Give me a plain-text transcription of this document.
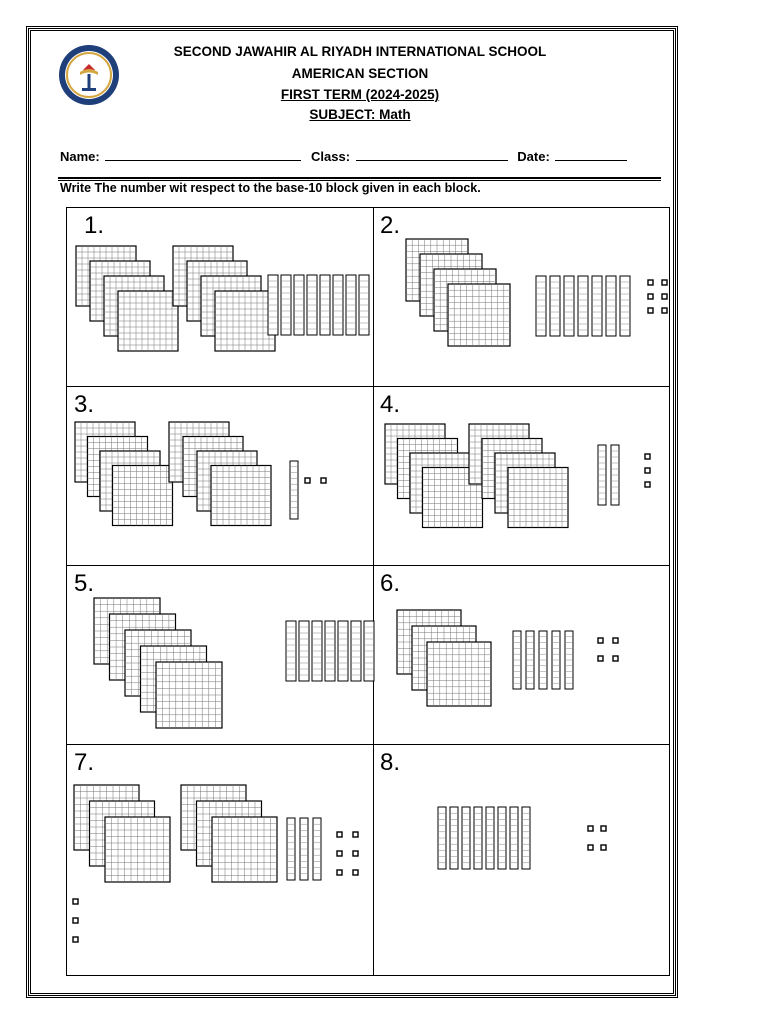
SECOND JAWAHIR AL RIYADH INTERNATIONAL SCHOOL
AMERICAN SECTION
FIRST TERM (2024-2025)
SUBJECT: Math
Name:	Class:	Date:
Write The number wit respect to the base-10 block given in each block.
1.	2.
3.	4.
5.	6.
7.	8.
